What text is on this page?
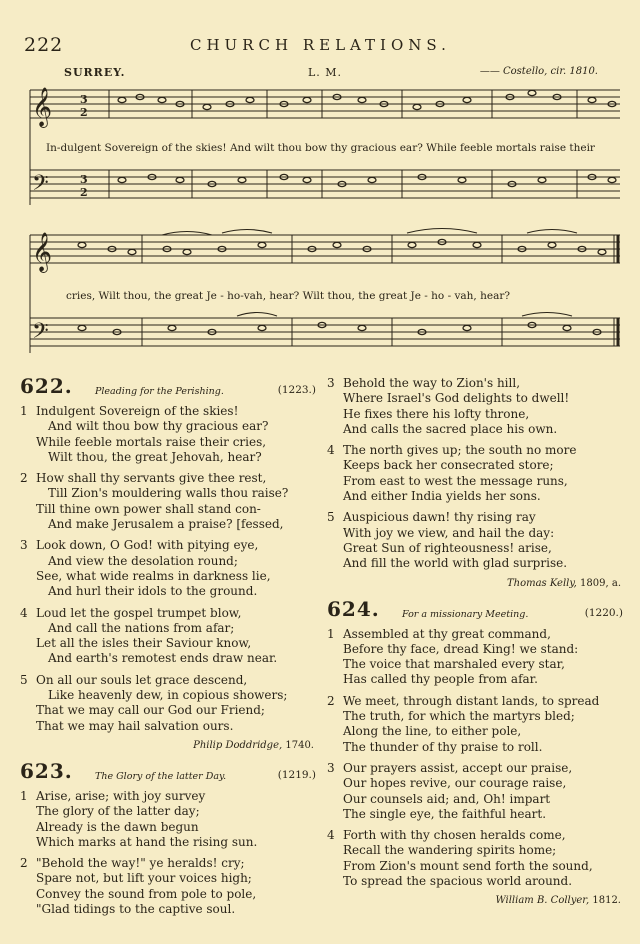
222	CHURCH RELATIONS.
SURREY.	L. M.	—— Costello, cir. 1810.
𝄞
𝄢
3
2
3
2
In-dulgent Sovereign of the skies! And wilt thou bow thy gracious ear? While feeble mortals raise their
𝄞
𝄢
cries, Wilt thou, the great Je - ho-vah, hear? Wilt thou, the great Je - ho - vah, hear?
622. Pleading for the Perishing.	(1223.)
1 Indulgent Sovereign of the skies!
And wilt thou bow thy gracious ear?
While feeble mortals raise their cries,
Wilt thou, the great Jehovah, hear?
2 How shall thy servants give thee rest,
Till Zion's mouldering walls thou raise?
Till thine own power shall stand con-
And make Jerusalem a praise? [fessed,
3 Look down, O God! with pitying eye,
And view the desolation round;
See, what wide realms in darkness lie,
And hurl their idols to the ground.
4 Loud let the gospel trumpet blow,
And call the nations from afar;
Let all the isles their Saviour know,
And earth's remotest ends draw near.
5 On all our souls let grace descend,
Like heavenly dew, in copious showers;
That we may call our God our Friend;
That we may hail salvation ours.
Philip Doddridge, 1740.
623. The Glory of the latter Day.	(1219.)
1 Arise, arise; with joy survey
The glory of the latter day;
Already is the dawn begun
Which marks at hand the rising sun.
2 "Behold the way!" ye heralds! cry;
Spare not, but lift your voices high;
Convey the sound from pole to pole,
"Glad tidings to the captive soul.
3 Behold the way to Zion's hill,
Where Israel's God delights to dwell!
He fixes there his lofty throne,
And calls the sacred place his own.
4 The north gives up; the south no more
Keeps back her consecrated store;
From east to west the message runs,
And either India yields her sons.
5 Auspicious dawn! thy rising ray
With joy we view, and hail the day:
Great Sun of righteousness! arise,
And fill the world with glad surprise.
Thomas Kelly, 1809, a.
624. For a missionary Meeting.	(1220.)
1 Assembled at thy great command,
Before thy face, dread King! we stand:
The voice that marshaled every star,
Has called thy people from afar.
2 We meet, through distant lands, to spread
The truth, for which the martyrs bled;
Along the line, to either pole,
The thunder of thy praise to roll.
3 Our prayers assist, accept our praise,
Our hopes revive, our courage raise,
Our counsels aid; and, Oh! impart
The single eye, the faithful heart.
4 Forth with thy chosen heralds come,
Recall the wandering spirits home;
From Zion's mount send forth the sound,
To spread the spacious world around.
William B. Collyer, 1812.
